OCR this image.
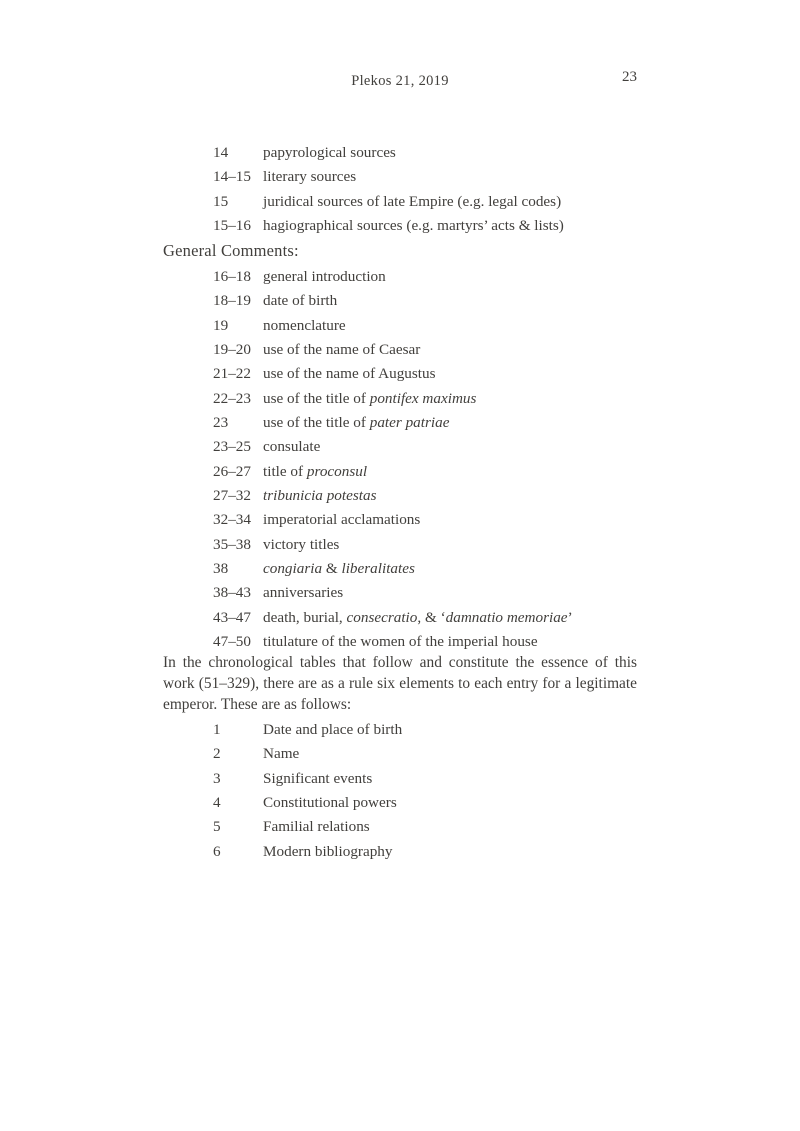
Plekos 21, 2019	23
14	papyrological sources
14–15 literary sources
15	juridical sources of late Empire (e.g. legal codes)
15–16 hagiographical sources (e.g. martyrs’ acts & lists)
General Comments:
16–18 general introduction
18–19 date of birth
19	nomenclature
19–20 use of the name of Caesar
21–22 use of the name of Augustus
22–23 use of the title of pontifex maximus
23	use of the title of pater patriae
23–25 consulate
26–27 title of proconsul
27–32 tribunicia potestas
32–34 imperatorial acclamations
35–38 victory titles
38	congiaria & liberalitates
38–43 anniversaries
43–47 death, burial, consecratio, & ‘damnatio memoriae’
47–50 titulature of the women of the imperial house

In the chronological tables that follow and constitute the essence of this work (51–329), there are as a rule six elements to each entry for a legitimate emperor. These are as follows:

1	Date and place of birth
2	Name
3	Significant events
4	Constitutional powers
5	Familial relations
6	Modern bibliography
